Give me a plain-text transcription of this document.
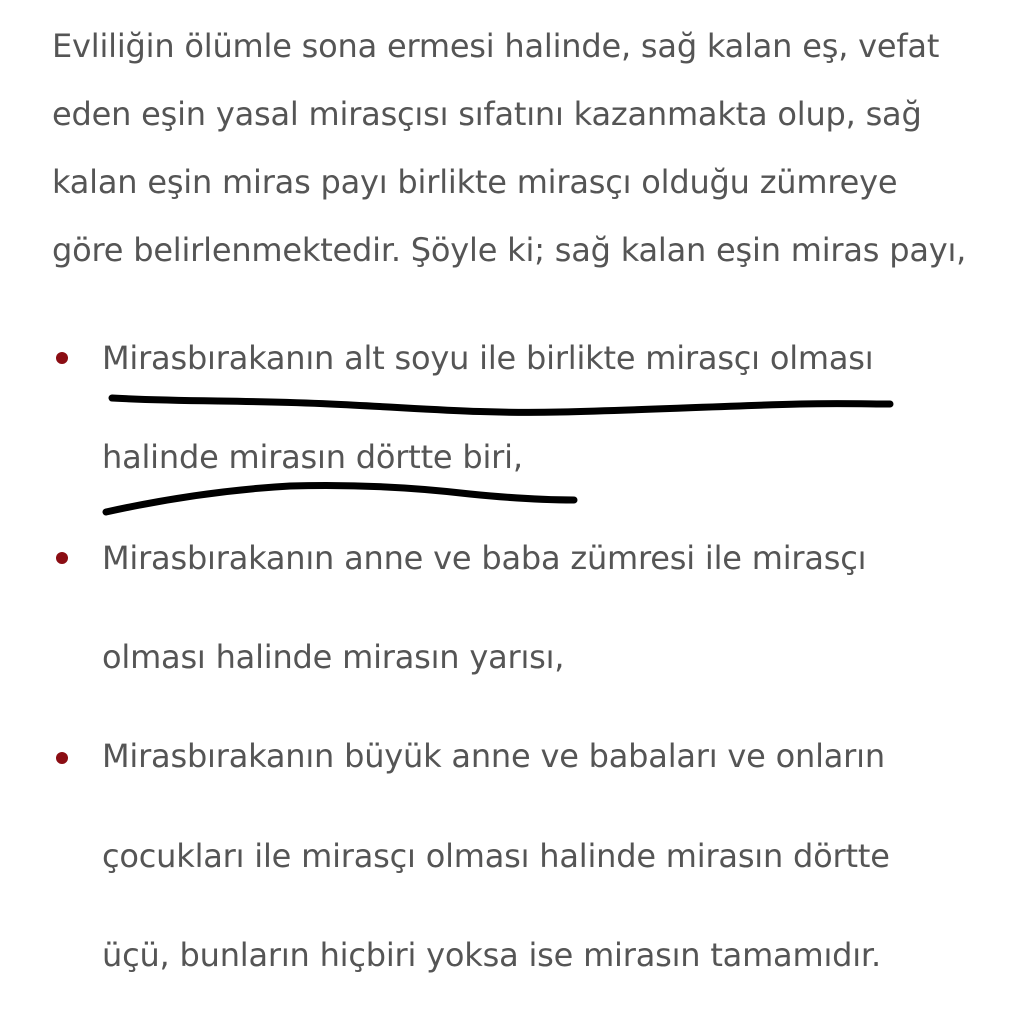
Evliliğin ölümle sona ermesi halinde, sağ kalan eş, vefat
eden eşin yasal mirasçısı sıfatını kazanmakta olup, sağ
kalan eşin miras payı birlikte mirasçı olduğu zümreye
göre belirlenmektedir. Şöyle ki; sağ kalan eşin miras payı,
Mirasbırakanın alt soyu ile birlikte mirasçı olması
halinde mirasın dörtte biri,
Mirasbırakanın anne ve baba zümresi ile mirasçı
olması halinde mirasın yarısı,
Mirasbırakanın büyük anne ve babaları ve onların
çocukları ile mirasçı olması halinde mirasın dörtte
üçü, bunların hiçbiri yoksa ise mirasın tamamıdır.
